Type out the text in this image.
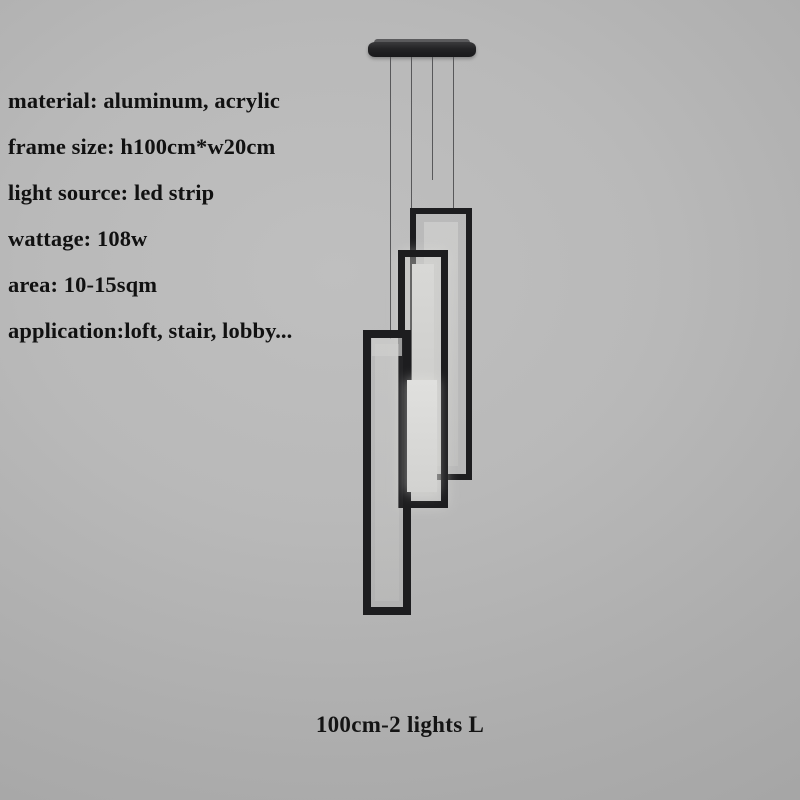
material: aluminum, acrylic
frame size: h100cm*w20cm
light source: led strip
wattage: 108w
area: 10-15sqm
application:loft, stair, lobby...
100cm-2 lights L
